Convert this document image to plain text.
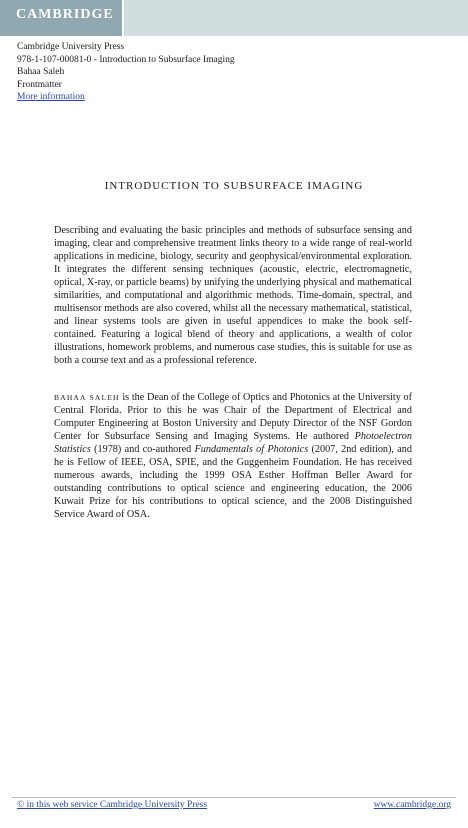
CAMBRIDGE
Cambridge University Press
978-1-107-00081-0 - Introduction to Subsurface Imaging
Bahaa Saleh
Frontmatter
More information
INTRODUCTION TO SUBSURFACE IMAGING
Describing and evaluating the basic principles and methods of subsurface sensing and imaging, clear and comprehensive treatment links theory to a wide range of real-world applications in medicine, biology, security and geophysical/environmental exploration. It integrates the different sensing techniques (acoustic, electric, electromagnetic, optical, X-ray, or particle beams) by unifying the underlying physical and mathematical similarities, and computational and algorithmic methods. Time-domain, spectral, and multisensor methods are also covered, whilst all the necessary mathematical, statistical, and linear systems tools are given in useful appendices to make the book self-contained. Featuring a logical blend of theory and applications, a wealth of color illustrations, homework problems, and numerous case studies, this is suitable for use as both a course text and as a professional reference.
BAHAA SALEH is the Dean of the College of Optics and Photonics at the University of Central Florida. Prior to this he was Chair of the Department of Electrical and Computer Engineering at Boston University and Deputy Director of the NSF Gordon Center for Subsurface Sensing and Imaging Systems. He authored Photoelectron Statistics (1978) and co-authored Fundamentals of Photonics (2007, 2nd edition), and he is Fellow of IEEE, OSA, SPIE, and the Guggenheim Foundation. He has received numerous awards, including the 1999 OSA Esther Hoffman Beller Award for outstanding contributions to optical science and engineering education, the 2006 Kuwait Prize for his contributions to optical science, and the 2008 Distinguished Service Award of OSA.
© in this web service Cambridge University Press	www.cambridge.org
